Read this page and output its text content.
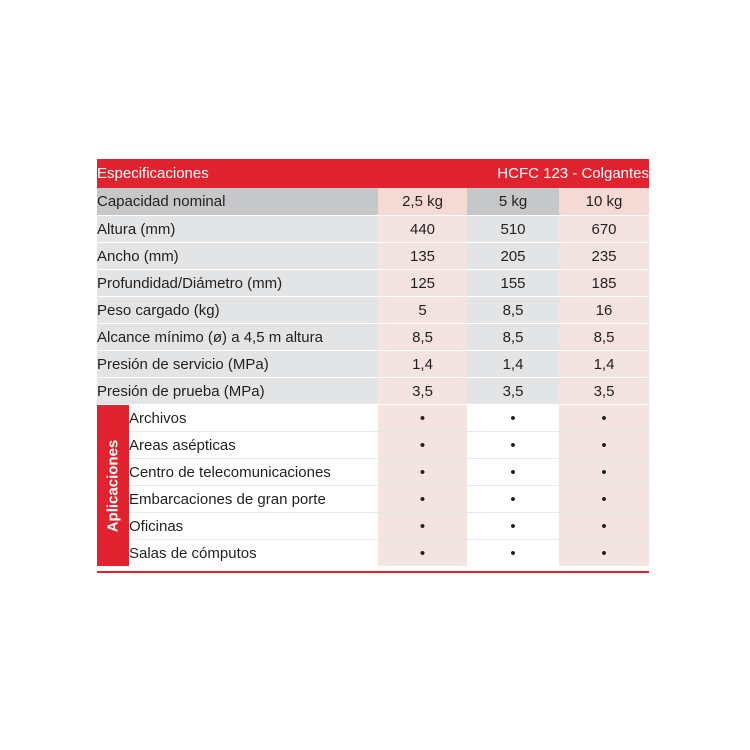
Especificaciones		HCFC 123 - Colgantes		
Capacidad nominal		2,5 kg	5 kg	10 kg
Altura (mm)		440	510	670
Ancho (mm)		135	205	235
Profundidad/Diámetro (mm)		125	155	185
Peso cargado (kg)		5	8,5	16
Alcance mínimo (ø) a 4,5 m altura		8,5	8,5	8,5
Presión de servicio (MPa)		1,4	1,4	1,4
Presión de prueba (MPa)		3,5	3,5	3,5

Aplicaciones	Archivos	•	•	•
	Areas asépticas	•	•	•
	Centro de telecomunicaciones	•	•	•
	Embarcaciones de gran porte	•	•	•
	Oficinas	•	•	•
	Salas de cómputos	•	•	•
